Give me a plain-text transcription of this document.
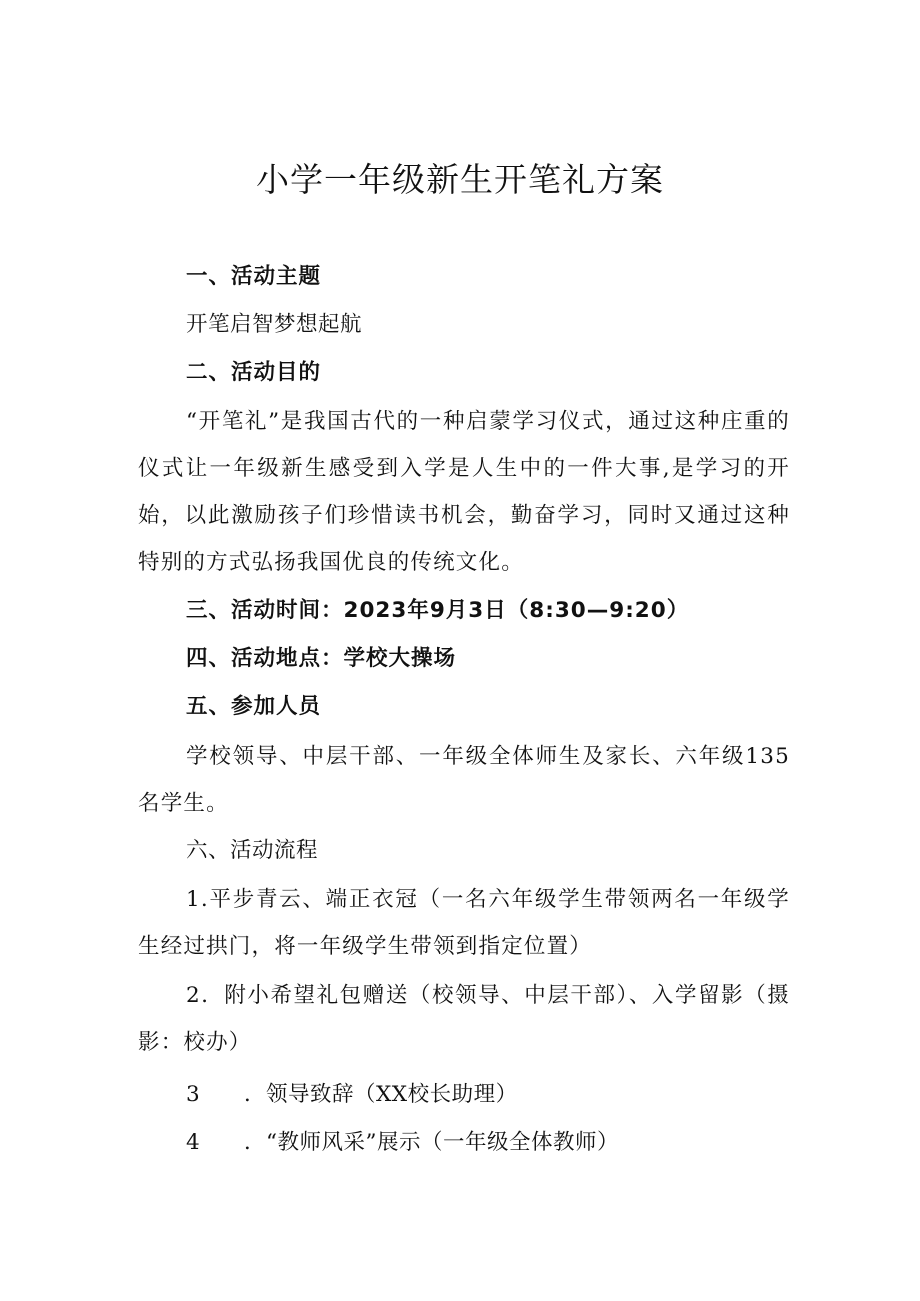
小学一年级新生开笔礼方案
一、活动主题
开笔启智梦想起航
二、活动目的

“开笔礼”是我国古代的一种启蒙学习仪式，通过这种庄重的仪式让一年级新生感受到入学是人生中的一件大事,是学习的开始，以此激励孩子们珍惜读书机会，勤奋学习，同时又通过这种特别的方式弘扬我国优良的传统文化。

三、活动时间：2023年9月3日（8:30—9:20）
四、活动地点：学校大操场
五、参加人员

学校领导、中层干部、一年级全体师生及家长、六年级135名学生。

六、活动流程

1.平步青云、端正衣冠（一名六年级学生带领两名一年级学生经过拱门，将一年级学生带领到指定位置）

2．附小希望礼包赠送（校领导、中层干部）、入学留影（摄影：校办）

3 ．领导致辞（XX校长助理）
4 ．“教师风采”展示（一年级全体教师）
